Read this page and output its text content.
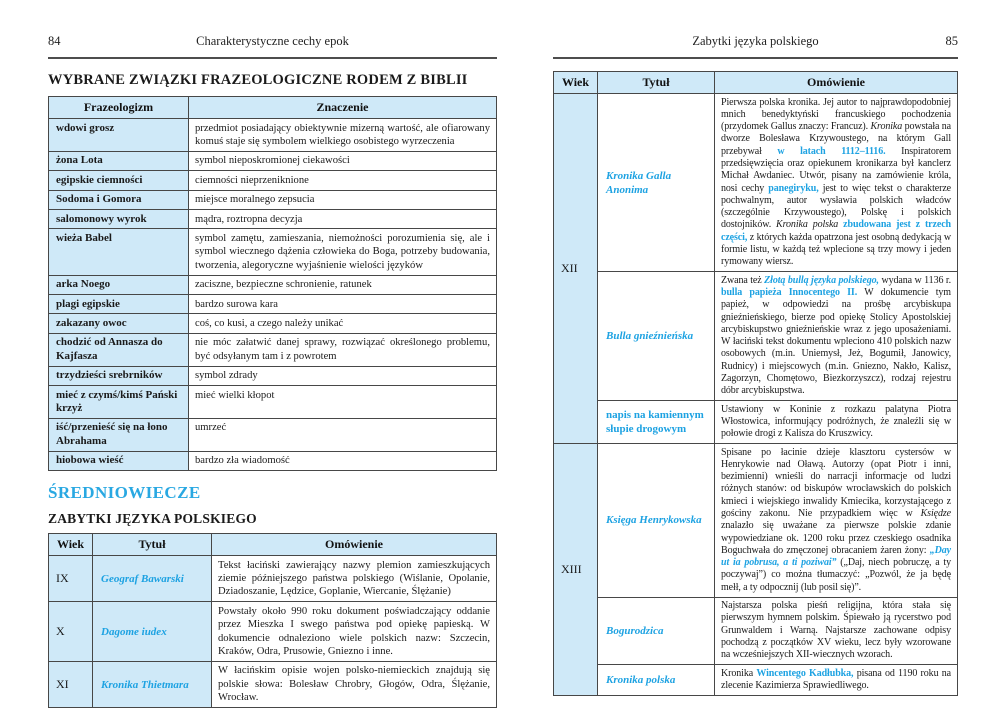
84	Charakterystyczne cechy epok
WYBRANE ZWIĄZKI FRAZEOLOGICZNE RODEM Z BIBLII
Frazeologizm	Znaczenie
wdowi grosz	przedmiot posiadający obiektywnie mizerną wartość, ale ofiarowany komuś staje się symbolem wielkiego osobistego wyrzeczenia
żona Lota	symbol nieposkromionej ciekawości
egipskie ciemności	ciemności nieprzeniknione
Sodoma i Gomora	miejsce moralnego zepsucia
salomonowy wyrok	mądra, roztropna decyzja
wieża Babel	symbol zamętu, zamieszania, niemożności porozumienia się, ale i symbol wiecznego dążenia człowieka do Boga, potrzeby budowania, tworzenia, alegoryczne wyjaśnienie wielości języków
arka Noego	zaciszne, bezpieczne schronienie, ratunek
plagi egipskie	bardzo surowa kara
zakazany owoc	coś, co kusi, a czego należy unikać
chodzić od Annasza do Kajfasza	nie móc załatwić danej sprawy, rozwiązać określonego problemu, być odsyłanym tam i z powrotem
trzydzieści srebrników	symbol zdrady
mieć z czymś/kimś Pański krzyż	mieć wielki kłopot
iść/przenieść się na łono Abrahama	umrzeć
hiobowa wieść	bardzo zła wiadomość
ŚREDNIOWIECZE
ZABYTKI JĘZYKA POLSKIEGO
Wiek	Tytuł	Omówienie
IX	Geograf Bawarski	Tekst łaciński zawierający nazwy plemion zamieszkujących ziemie późniejszego państwa polskiego (Wiślanie, Opolanie, Dziadoszanie, Lędzice, Goplanie, Wiercanie, Ślężanie)
X	Dagome iudex	Powstały około 990 roku dokument poświadczający oddanie przez Mieszka I swego państwa pod opiekę papieską. W dokumencie odnaleziono wiele polskich nazw: Szczecin, Kraków, Odra, Prusowie, Gniezno i inne.
XI	Kronika Thietmara	W łacińskim opisie wojen polsko-niemieckich znajdują się polskie słowa: Bolesław Chrobry, Głogów, Odra, Ślężanie, Wrocław.
Zabytki języka polskiego	85
Wiek	Tytuł	Omówienie
XII	Kronika Galla Anonima	Pierwsza polska kronika. Jej autor to najprawdopodobniej mnich benedyktyński francuskiego pochodzenia (przydomek Gallus znaczy: Francuz). Kronika powstała na dworze Bolesława Krzywoustego, na którym Gall przebywał w latach 1112–1116. Inspiratorem przedsięwzięcia oraz opiekunem kronikarza był kanclerz Michał Awdaniec. Utwór, pisany na zamówienie króla, nosi cechy panegiryku, jest to więc tekst o charakterze pochwalnym, autor wysławia polskich władców (szczególnie Krzywoustego), Polskę i polskich dostojników. Kronika polska zbudowana jest z trzech części, z których każda opatrzona jest osobną dedykacją w formie listu, w każdą też wplecione są trzy mowy i jeden rymowany wiersz.
	Bulla gnieźnieńska	Zwana też Złotą bullą języka polskiego, wydana w 1136 r. bulla papieża Innocentego II. W dokumencie tym papież, w odpowiedzi na prośbę arcybiskupa gnieźnieńskiego, bierze pod opiekę Stolicy Apostolskiej arcybiskupstwo gnieźnieńskie wraz z jego uposażeniami. W łaciński tekst dokumentu wpleciono 410 polskich nazw osobowych (m.in. Uniemysł, Jeż, Bogumił, Janowicy, Rudnicy) i miejscowych (m.in. Gniezno, Nakło, Kalisz, Zagorzyn, Chomętowo, Biezkorzyszcz), rodzaj rejestru dóbr arcybiskupstwa.
	napis na kamiennym słupie drogowym	Ustawiony w Koninie z rozkazu palatyna Piotra Włostowica, informujący podróżnych, że znaleźli się w połowie drogi z Kalisza do Kruszwicy.
XIII	Księga Henrykowska	Spisane po łacinie dzieje klasztoru cystersów w Henrykowie nad Oławą. Autorzy (opat Piotr i inni, bezimienni) wnieśli do narracji informacje od ludzi różnych stanów: od biskupów wrocławskich do polskich kmieci i wiejskiego inwalidy Kmiecika, korzystającego z gościny zakonu. Nie przypadkiem więc w Księdze znalazło się uważane za pierwsze polskie zdanie wypowiedziane ok. 1200 roku przez czeskiego osadnika Boguchwała do zmęczonej obracaniem żaren żony: „Day ut ia pobrusa, a ti poziwai” („Daj, niech pobruczę, a ty poczywaj”) co można tłumaczyć: „Pozwól, że ja będę mełł, a ty odpocznij (lub posil się)”.
	Bogurodzica	Najstarsza polska pieśń religijna, która stała się pierwszym hymnem polskim. Śpiewało ją rycerstwo pod Grunwaldem i Warną. Najstarsze zachowane odpisy pochodzą z początków XV wieku, lecz były wzorowane na wcześniejszych XII-wiecznych wzorach.
	Kronika polska	Kronika Wincentego Kadłubka, pisana od 1190 roku na zlecenie Kazimierza Sprawiedliwego.
